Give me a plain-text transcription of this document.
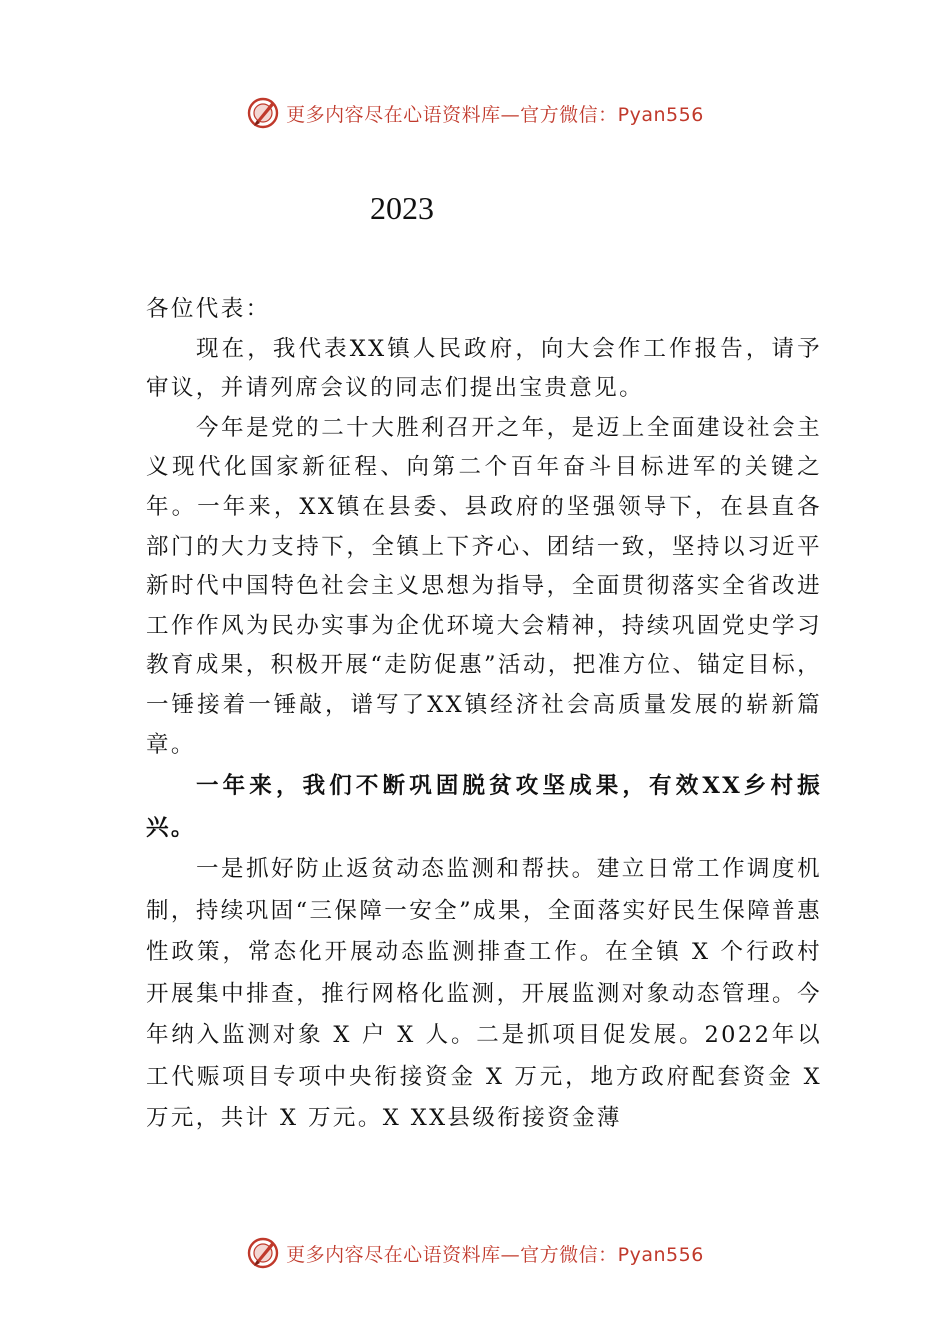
更多内容尽在心语资料库—官方微信：Pyan556
2023

各位代表：

现在，我代表XX镇人民政府，向大会作工作报告，请予审议，并请列席会议的同志们提出宝贵意见。

今年是党的二十大胜利召开之年，是迈上全面建设社会主义现代化国家新征程、向第二个百年奋斗目标进军的关键之年。一年来，XX镇在县委、县政府的坚强领导下，在县直各部门的大力支持下，全镇上下齐心、团结一致，坚持以习近平新时代中国特色社会主义思想为指导，全面贯彻落实全省改进工作作风为民办实事为企优环境大会精神，持续巩固党史学习教育成果，积极开展“走防促惠”活动，把准方位、锚定目标，一锤接着一锤敲，谱写了XX镇经济社会高质量发展的崭新篇章。

一年来，我们不断巩固脱贫攻坚成果，有效XX乡村振兴。

一是抓好防止返贫动态监测和帮扶。建立日常工作调度机制，持续巩固“三保障一安全”成果，全面落实好民生保障普惠性政策，常态化开展动态监测排查工作。在全镇 X 个行政村开展集中排查，推行网格化监测，开展监测对象动态管理。今年纳入监测对象 X 户 X 人。二是抓项目促发展。2022年以工代赈项目专项中央衔接资金 X 万元，地方政府配套资金 X 万元，共计 X 万元。X XX县级衔接资金薄

更多内容尽在心语资料库—官方微信：Pyan556
